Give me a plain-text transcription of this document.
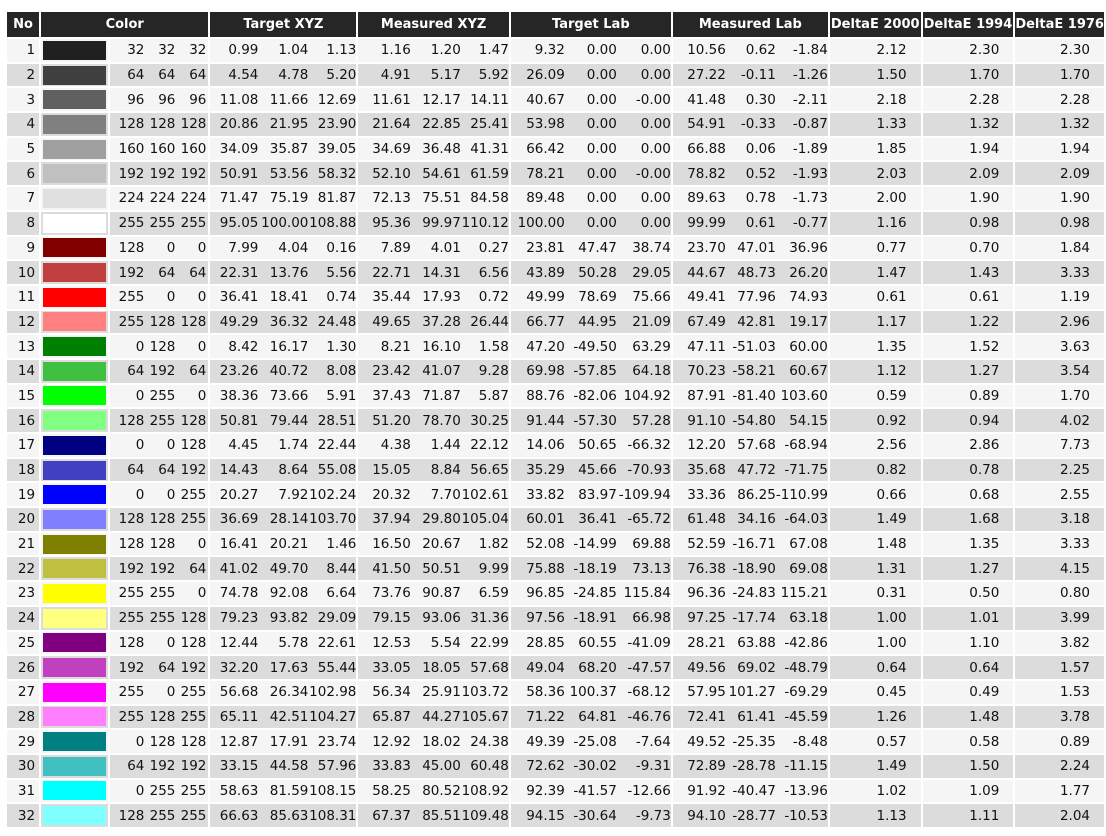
No	Color		Target XYZ	Measured XYZ	Target Lab	Measured Lab	DeltaE 2000	DeltaE 1994	DeltaE 1976
1		32 32 32	0.99 1.04 1.13	1.16 1.20 1.47	9.32 0.00 0.00	10.56 0.62 -1.84	2.12	2.30	2.30
2		64 64 64	4.54 4.78 5.20	4.91 5.17 5.92	26.09 0.00 0.00	27.22 -0.11 -1.26	1.50	1.70	1.70
3		96 96 96	11.08 11.66 12.69	11.61 12.17 14.11	40.67 0.00 -0.00	41.48 0.30 -2.11	2.18	2.28	2.28
4		128 128 128	20.86 21.95 23.90	21.64 22.85 25.41	53.98 0.00 0.00	54.91 -0.33 -0.87	1.33	1.32	1.32
5		160 160 160	34.09 35.87 39.05	34.69 36.48 41.31	66.42 0.00 0.00	66.88 0.06 -1.89	1.85	1.94	1.94
6		192 192 192	50.91 53.56 58.32	52.10 54.61 61.59	78.21 0.00 -0.00	78.82 0.52 -1.93	2.03	2.09	2.09
7		224 224 224	71.47 75.19 81.87	72.13 75.51 84.58	89.48 0.00 0.00	89.63 0.78 -1.73	2.00	1.90	1.90
8		255 255 255	95.05 100.00 108.88	95.36 99.97 110.12	100.00 0.00 0.00	99.99 0.61 -0.77	1.16	0.98	0.98
9		128 0 0	7.99 4.04 0.16	7.89 4.01 0.27	23.81 47.47 38.74	23.70 47.01 36.96	0.77	0.70	1.84
10		192 64 64	22.31 13.76 5.56	22.71 14.31 6.56	43.89 50.28 29.05	44.67 48.73 26.20	1.47	1.43	3.33
11		255 0 0	36.41 18.41 0.74	35.44 17.93 0.72	49.99 78.69 75.66	49.41 77.96 74.93	0.61	0.61	1.19
12		255 128 128	49.29 36.32 24.48	49.65 37.28 26.44	66.77 44.95 21.09	67.49 42.81 19.17	1.17	1.22	2.96
13		0 128 0	8.42 16.17 1.30	8.21 16.10 1.58	47.20 -49.50 63.29	47.11 -51.03 60.00	1.35	1.52	3.63
14		64 192 64	23.26 40.72 8.08	23.42 41.07 9.28	69.98 -57.85 64.18	70.23 -58.21 60.67	1.12	1.27	3.54
15		0 255 0	38.36 73.66 5.91	37.43 71.87 5.87	88.76 -82.06 104.92	87.91 -81.40 103.60	0.59	0.89	1.70
16		128 255 128	50.81 79.44 28.51	51.20 78.70 30.25	91.44 -57.30 57.28	91.10 -54.80 54.15	0.92	0.94	4.02
17		0 0 128	4.45 1.74 22.44	4.38 1.44 22.12	14.06 50.65 -66.32	12.20 57.68 -68.94	2.56	2.86	7.73
18		64 64 192	14.43 8.64 55.08	15.05 8.84 56.65	35.29 45.66 -70.93	35.68 47.72 -71.75	0.82	0.78	2.25
19		0 0 255	20.27 7.92 102.24	20.32 7.70 102.61	33.82 83.97 -109.94	33.36 86.25 -110.99	0.66	0.68	2.55
20		128 128 255	36.69 28.14 103.70	37.94 29.80 105.04	60.01 36.41 -65.72	61.48 34.16 -64.03	1.49	1.68	3.18
21		128 128 0	16.41 20.21 1.46	16.50 20.67 1.82	52.08 -14.99 69.88	52.59 -16.71 67.08	1.48	1.35	3.33
22		192 192 64	41.02 49.70 8.44	41.50 50.51 9.99	75.88 -18.19 73.13	76.38 -18.90 69.08	1.31	1.27	4.15
23		255 255 0	74.78 92.08 6.64	73.76 90.87 6.59	96.85 -24.85 115.84	96.36 -24.83 115.21	0.31	0.50	0.80
24		255 255 128	79.23 93.82 29.09	79.15 93.06 31.36	97.56 -18.91 66.98	97.25 -17.74 63.18	1.00	1.01	3.99
25		128 0 128	12.44 5.78 22.61	12.53 5.54 22.99	28.85 60.55 -41.09	28.21 63.88 -42.86	1.00	1.10	3.82
26		192 64 192	32.20 17.63 55.44	33.05 18.05 57.68	49.04 68.20 -47.57	49.56 69.02 -48.79	0.64	0.64	1.57
27		255 0 255	56.68 26.34 102.98	56.34 25.91 103.72	58.36 100.37 -68.12	57.95 101.27 -69.29	0.45	0.49	1.53
28		255 128 255	65.11 42.51 104.27	65.87 44.27 105.67	71.22 64.81 -46.76	72.41 61.41 -45.59	1.26	1.48	3.78
29		0 128 128	12.87 17.91 23.74	12.92 18.02 24.38	49.39 -25.08 -7.64	49.52 -25.35 -8.48	0.57	0.58	0.89
30		64 192 192	33.15 44.58 57.96	33.83 45.00 60.48	72.62 -30.02 -9.31	72.89 -28.78 -11.15	1.49	1.50	2.24
31		0 255 255	58.63 81.59 108.15	58.25 80.52 108.92	92.39 -41.57 -12.66	91.92 -40.47 -13.96	1.02	1.09	1.77
32		128 255 255	66.63 85.63 108.31	67.37 85.51 109.48	94.15 -30.64 -9.73	94.10 -28.77 -10.53	1.13	1.11	2.04
